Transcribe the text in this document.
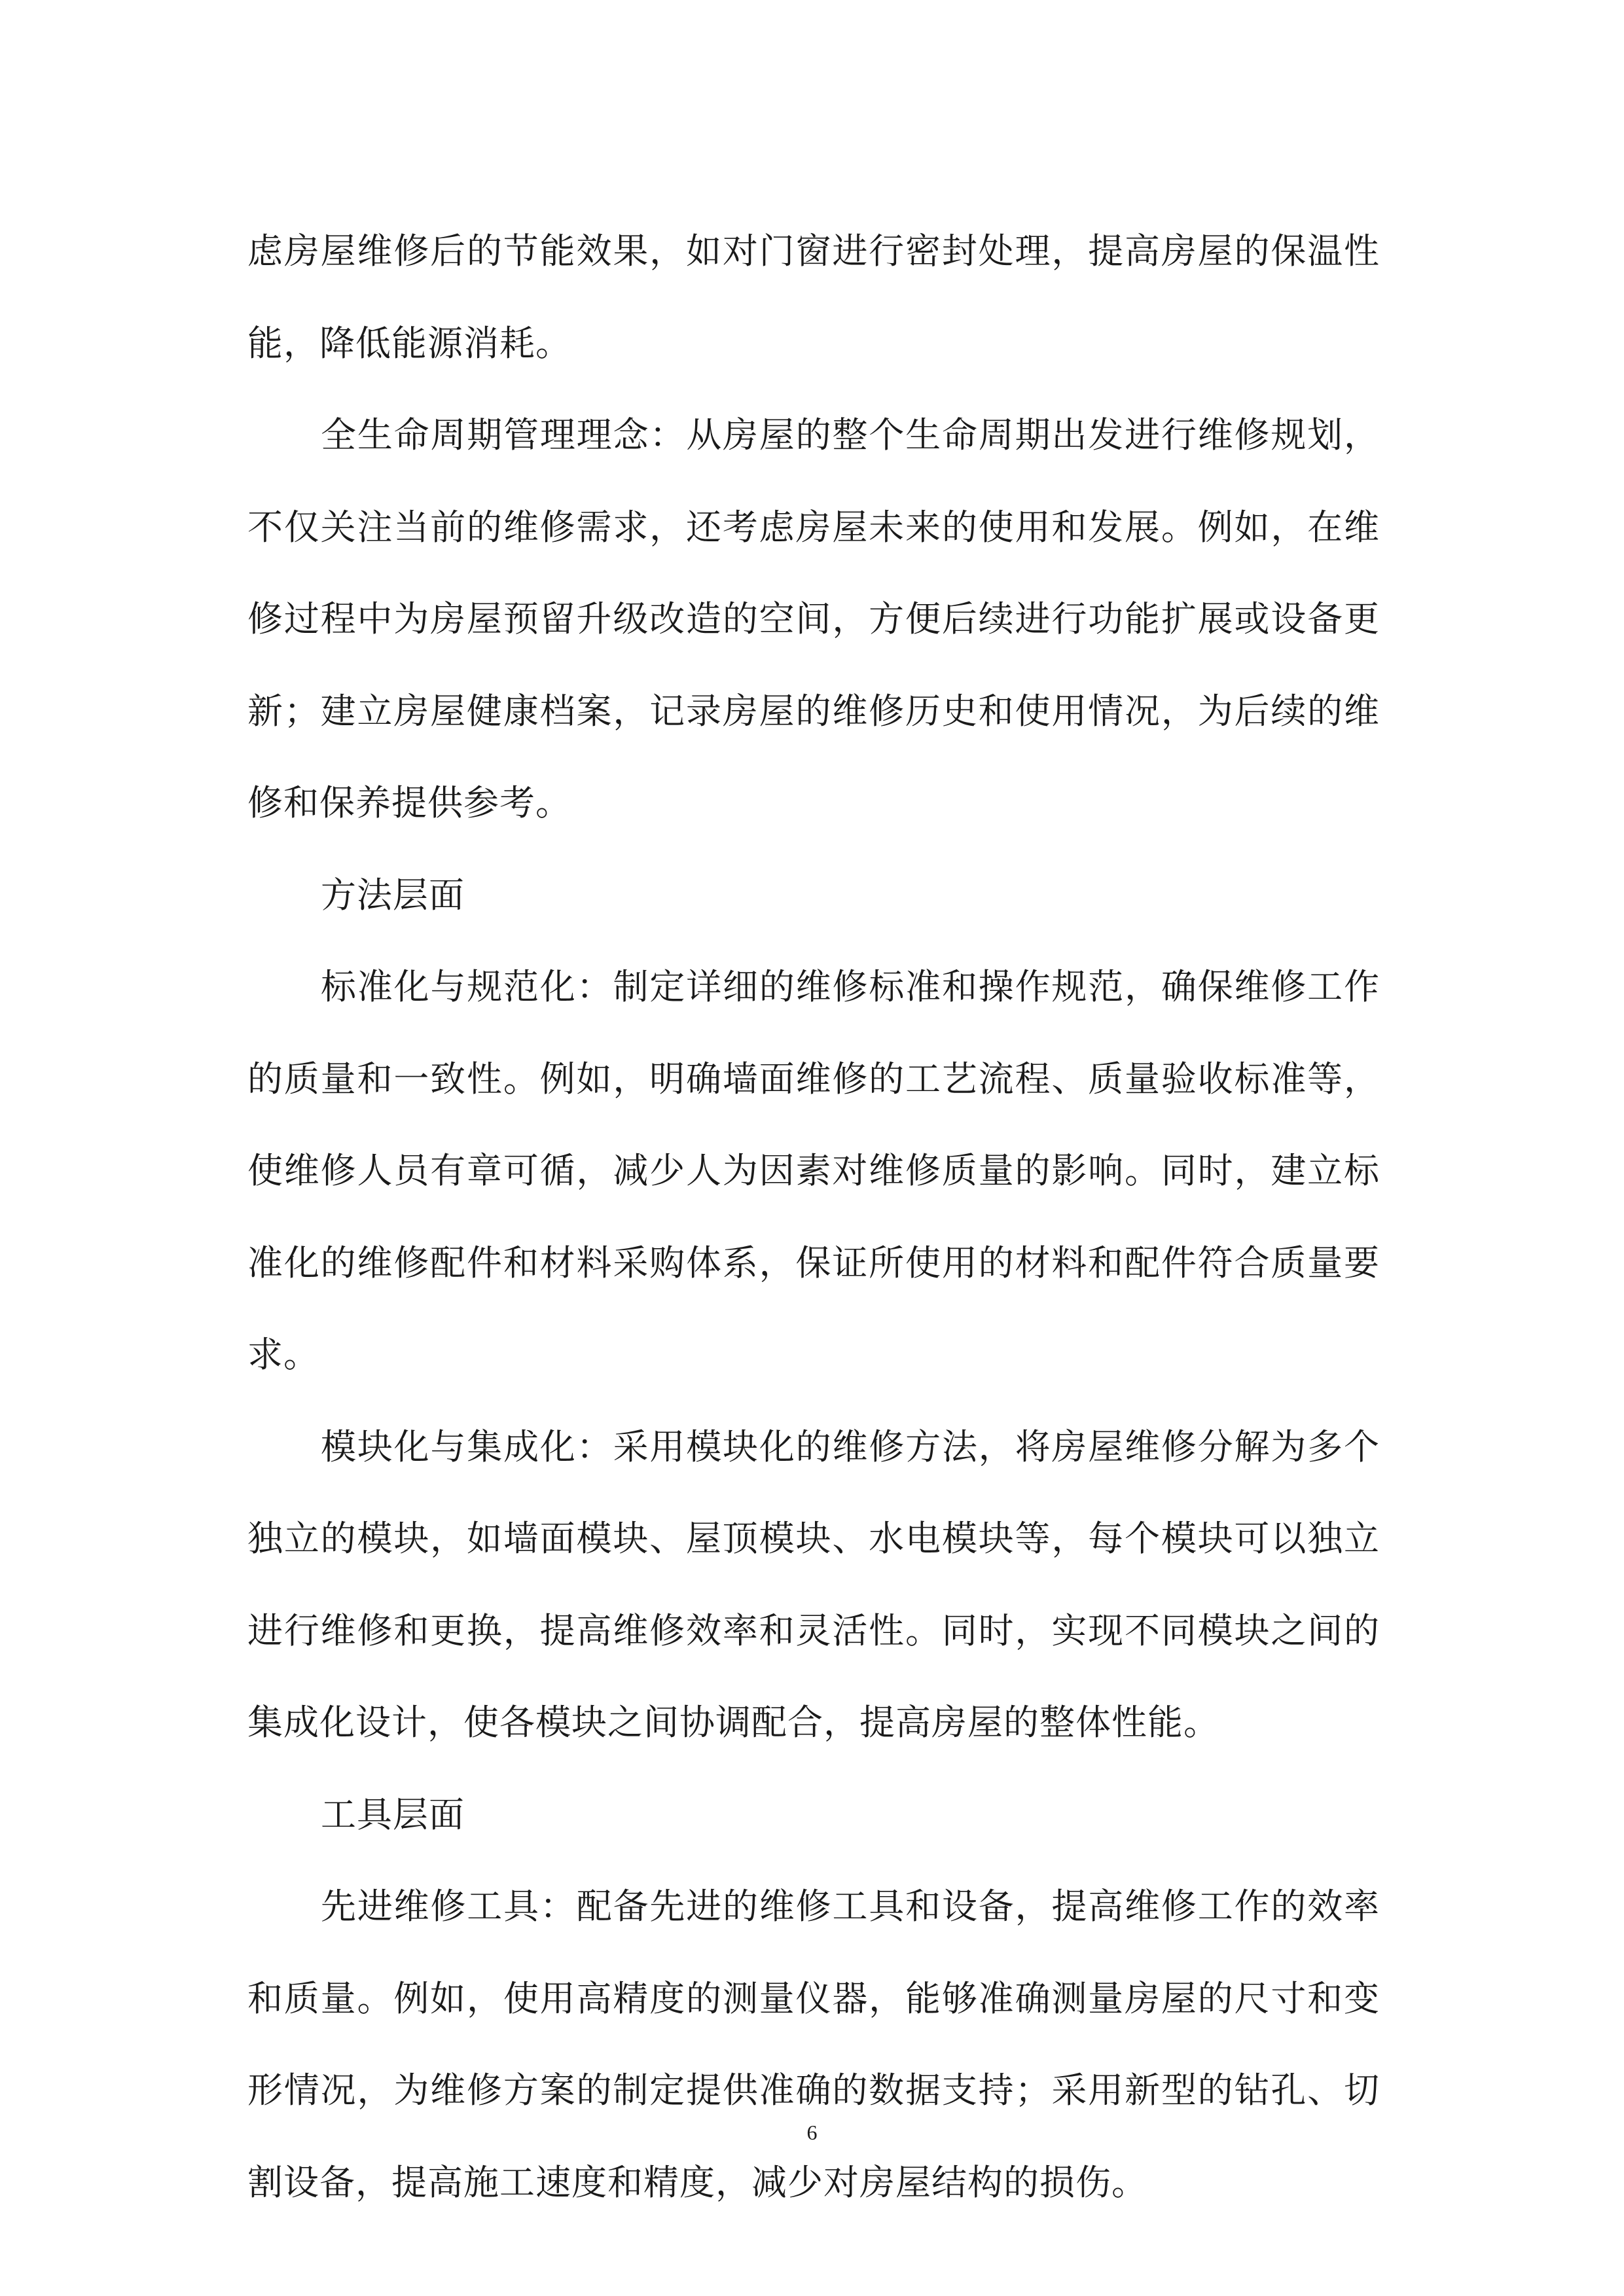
虑房屋维修后的节能效果，如对门窗进行密封处理，提高房屋的保温性能，降低能源消耗。

全生命周期管理理念：从房屋的整个生命周期出发进行维修规划，不仅关注当前的维修需求，还考虑房屋未来的使用和发展。例如，在维修过程中为房屋预留升级改造的空间，方便后续进行功能扩展或设备更新；建立房屋健康档案，记录房屋的维修历史和使用情况，为后续的维修和保养提供参考。

方法层面

标准化与规范化：制定详细的维修标准和操作规范，确保维修工作的质量和一致性。例如，明确墙面维修的工艺流程、质量验收标准等，使维修人员有章可循，减少人为因素对维修质量的影响。同时，建立标准化的维修配件和材料采购体系，保证所使用的材料和配件符合质量要求。

模块化与集成化：采用模块化的维修方法，将房屋维修分解为多个独立的模块，如墙面模块、屋顶模块、水电模块等，每个模块可以独立进行维修和更换，提高维修效率和灵活性。同时，实现不同模块之间的集成化设计，使各模块之间协调配合，提高房屋的整体性能。

工具层面

先进维修工具：配备先进的维修工具和设备，提高维修工作的效率和质量。例如，使用高精度的测量仪器，能够准确测量房屋的尺寸和变形情况，为维修方案的制定提供准确的数据支持；采用新型的钻孔、切割设备，提高施工速度和精度，减少对房屋结构的损伤。

6
